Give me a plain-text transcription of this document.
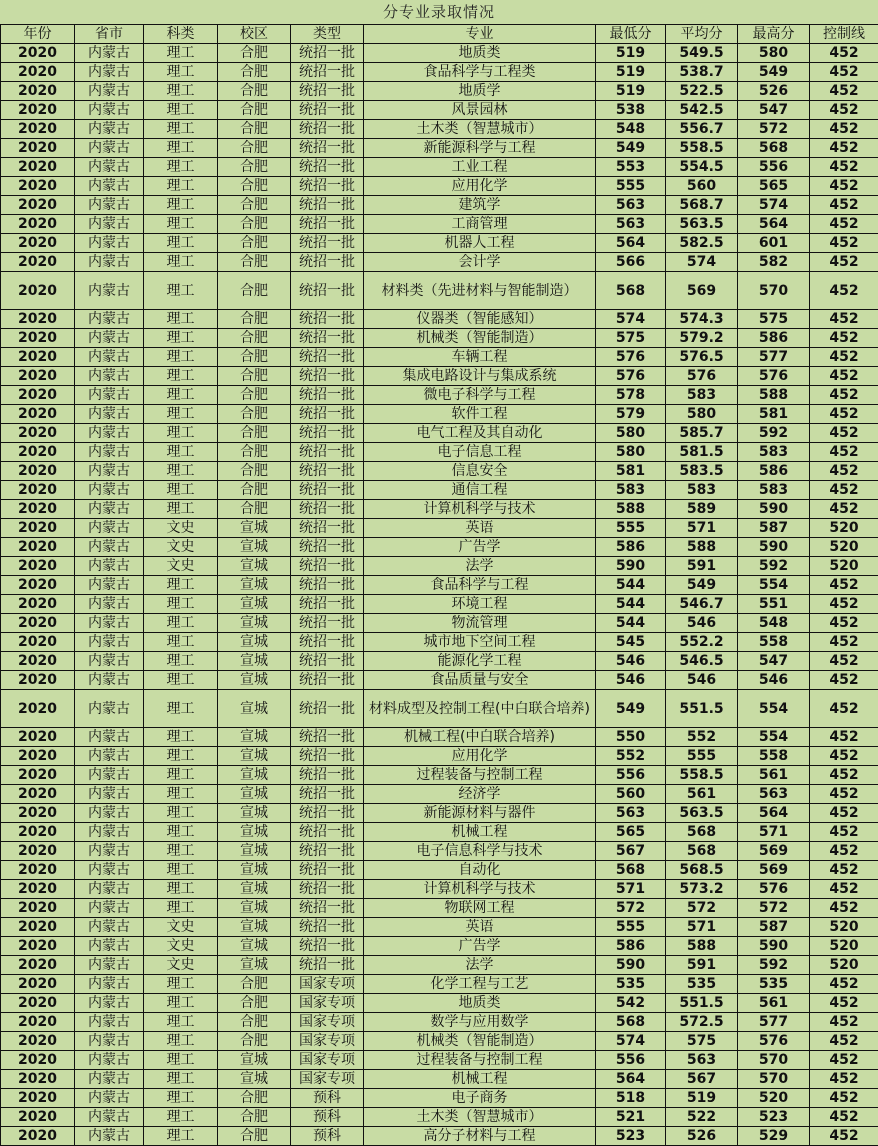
分专业录取情况
年份	省市	科类	校区	类型	专业	最低分	平均分	最高分	控制线
2020	内蒙古	理工	合肥	统招一批	地质类	519	549.5	580	452
2020	内蒙古	理工	合肥	统招一批	食品科学与工程类	519	538.7	549	452
2020	内蒙古	理工	合肥	统招一批	地质学	519	522.5	526	452
2020	内蒙古	理工	合肥	统招一批	风景园林	538	542.5	547	452
2020	内蒙古	理工	合肥	统招一批	土木类（智慧城市）	548	556.7	572	452
2020	内蒙古	理工	合肥	统招一批	新能源科学与工程	549	558.5	568	452
2020	内蒙古	理工	合肥	统招一批	工业工程	553	554.5	556	452
2020	内蒙古	理工	合肥	统招一批	应用化学	555	560	565	452
2020	内蒙古	理工	合肥	统招一批	建筑学	563	568.7	574	452
2020	内蒙古	理工	合肥	统招一批	工商管理	563	563.5	564	452
2020	内蒙古	理工	合肥	统招一批	机器人工程	564	582.5	601	452
2020	内蒙古	理工	合肥	统招一批	会计学	566	574	582	452
2020	内蒙古	理工	合肥	统招一批	材料类（先进材料与智能制造）	568	569	570	452
2020	内蒙古	理工	合肥	统招一批	仪器类（智能感知）	574	574.3	575	452
2020	内蒙古	理工	合肥	统招一批	机械类（智能制造）	575	579.2	586	452
2020	内蒙古	理工	合肥	统招一批	车辆工程	576	576.5	577	452
2020	内蒙古	理工	合肥	统招一批	集成电路设计与集成系统	576	576	576	452
2020	内蒙古	理工	合肥	统招一批	微电子科学与工程	578	583	588	452
2020	内蒙古	理工	合肥	统招一批	软件工程	579	580	581	452
2020	内蒙古	理工	合肥	统招一批	电气工程及其自动化	580	585.7	592	452
2020	内蒙古	理工	合肥	统招一批	电子信息工程	580	581.5	583	452
2020	内蒙古	理工	合肥	统招一批	信息安全	581	583.5	586	452
2020	内蒙古	理工	合肥	统招一批	通信工程	583	583	583	452
2020	内蒙古	理工	合肥	统招一批	计算机科学与技术	588	589	590	452
2020	内蒙古	文史	宣城	统招一批	英语	555	571	587	520
2020	内蒙古	文史	宣城	统招一批	广告学	586	588	590	520
2020	内蒙古	文史	宣城	统招一批	法学	590	591	592	520
2020	内蒙古	理工	宣城	统招一批	食品科学与工程	544	549	554	452
2020	内蒙古	理工	宣城	统招一批	环境工程	544	546.7	551	452
2020	内蒙古	理工	宣城	统招一批	物流管理	544	546	548	452
2020	内蒙古	理工	宣城	统招一批	城市地下空间工程	545	552.2	558	452
2020	内蒙古	理工	宣城	统招一批	能源化学工程	546	546.5	547	452
2020	内蒙古	理工	宣城	统招一批	食品质量与安全	546	546	546	452
2020	内蒙古	理工	宣城	统招一批	材料成型及控制工程(中白联合培养)	549	551.5	554	452
2020	内蒙古	理工	宣城	统招一批	机械工程(中白联合培养)	550	552	554	452
2020	内蒙古	理工	宣城	统招一批	应用化学	552	555	558	452
2020	内蒙古	理工	宣城	统招一批	过程装备与控制工程	556	558.5	561	452
2020	内蒙古	理工	宣城	统招一批	经济学	560	561	563	452
2020	内蒙古	理工	宣城	统招一批	新能源材料与器件	563	563.5	564	452
2020	内蒙古	理工	宣城	统招一批	机械工程	565	568	571	452
2020	内蒙古	理工	宣城	统招一批	电子信息科学与技术	567	568	569	452
2020	内蒙古	理工	宣城	统招一批	自动化	568	568.5	569	452
2020	内蒙古	理工	宣城	统招一批	计算机科学与技术	571	573.2	576	452
2020	内蒙古	理工	宣城	统招一批	物联网工程	572	572	572	452
2020	内蒙古	文史	宣城	统招一批	英语	555	571	587	520
2020	内蒙古	文史	宣城	统招一批	广告学	586	588	590	520
2020	内蒙古	文史	宣城	统招一批	法学	590	591	592	520
2020	内蒙古	理工	合肥	国家专项	化学工程与工艺	535	535	535	452
2020	内蒙古	理工	合肥	国家专项	地质类	542	551.5	561	452
2020	内蒙古	理工	合肥	国家专项	数学与应用数学	568	572.5	577	452
2020	内蒙古	理工	合肥	国家专项	机械类（智能制造）	574	575	576	452
2020	内蒙古	理工	宣城	国家专项	过程装备与控制工程	556	563	570	452
2020	内蒙古	理工	宣城	国家专项	机械工程	564	567	570	452
2020	内蒙古	理工	合肥	预科	电子商务	518	519	520	452
2020	内蒙古	理工	合肥	预科	土木类（智慧城市）	521	522	523	452
2020	内蒙古	理工	合肥	预科	高分子材料与工程	523	526	529	452
